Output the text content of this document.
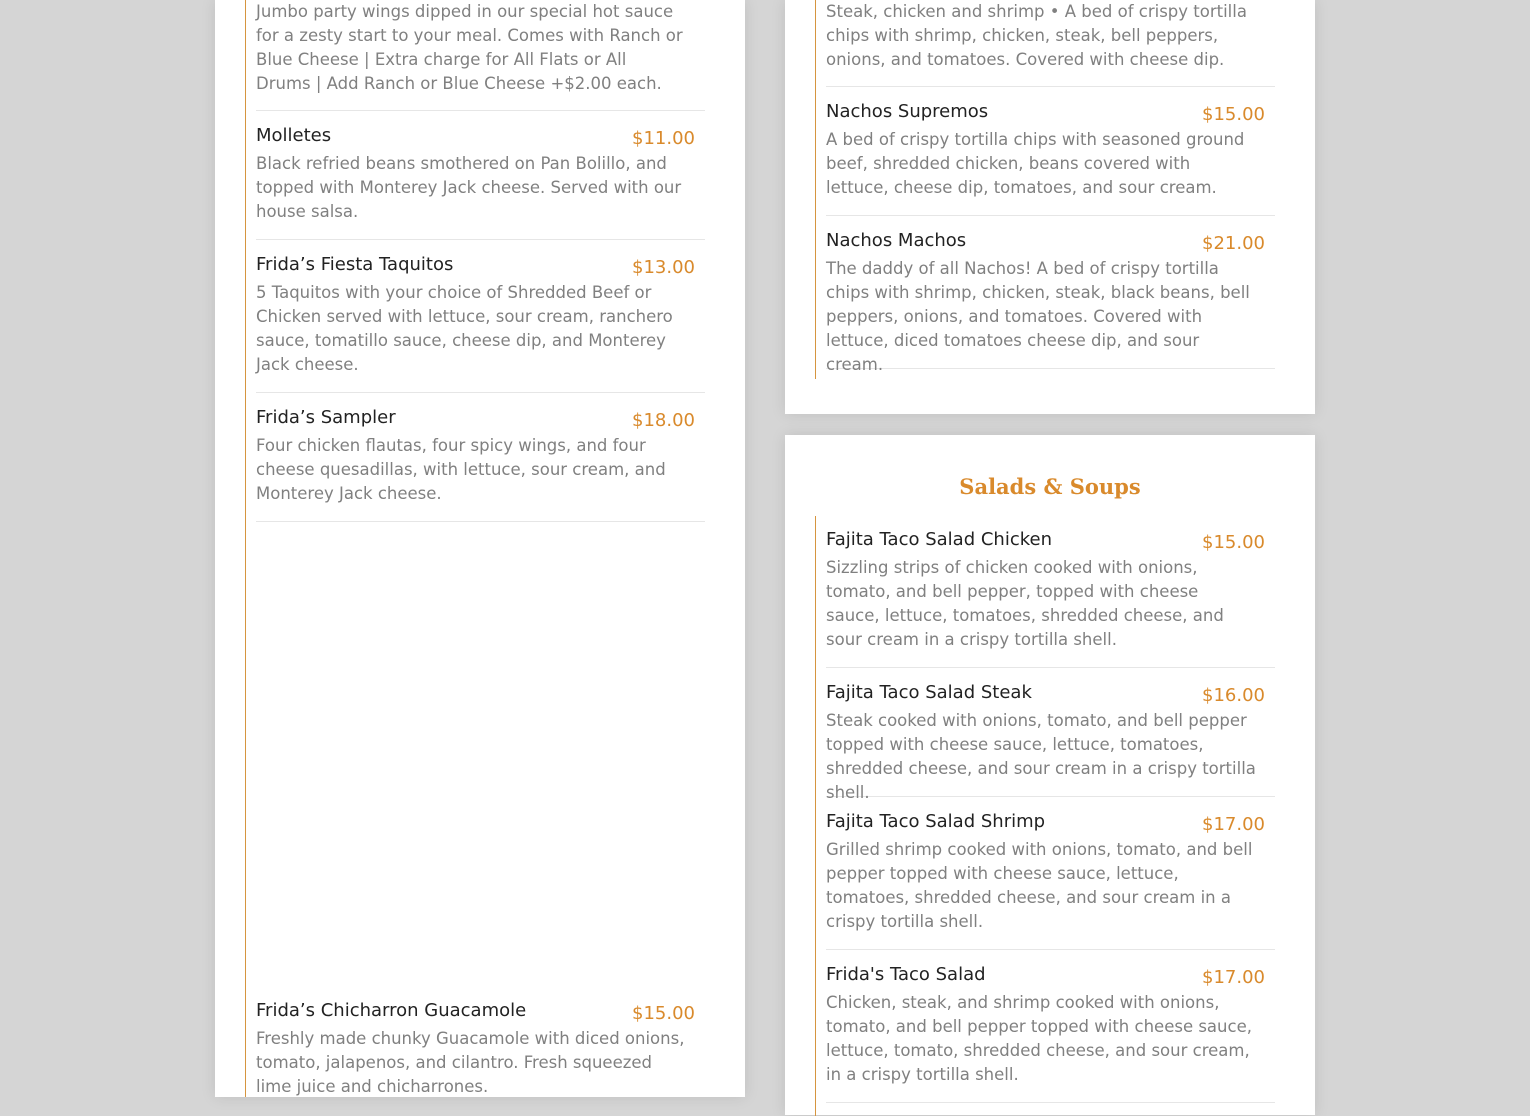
Jumbo party wings dipped in our special hot sauce for a zesty start to your meal. Comes with Ranch or Blue Cheese | Extra charge for All Flats or All Drums | Add Ranch or Blue Cheese +$2.00 each.
Molletes	$11.00
Black refried beans smothered on Pan Bolillo, and topped with Monterey Jack cheese. Served with our house salsa.
Frida’s Fiesta Taquitos	$13.00
5 Taquitos with your choice of Shredded Beef or Chicken served with lettuce, sour cream, ranchero sauce, tomatillo sauce, cheese dip, and Monterey Jack cheese.
Frida’s Sampler	$18.00
Four chicken flautas, four spicy wings, and four cheese quesadillas, with lettuce, sour cream, and Monterey Jack cheese.
Frida’s Chicharron Guacamole	$15.00
Freshly made chunky Guacamole with diced onions, tomato, jalapenos, and cilantro. Fresh squeezed lime juice and chicharrones.
Steak, chicken and shrimp • A bed of crispy tortilla chips with shrimp, chicken, steak, bell peppers, onions, and tomatoes. Covered with cheese dip.
Nachos Supremos	$15.00
A bed of crispy tortilla chips with seasoned ground beef, shredded chicken, beans covered with lettuce, cheese dip, tomatoes, and sour cream.
Nachos Machos	$21.00
The daddy of all Nachos! A bed of crispy tortilla chips with shrimp, chicken, steak, black beans, bell peppers, onions, and tomatoes. Covered with lettuce, diced tomatoes cheese dip, and sour cream.
Salads & Soups
Fajita Taco Salad Chicken	$15.00
Sizzling strips of chicken cooked with onions, tomato, and bell pepper, topped with cheese sauce, lettuce, tomatoes, shredded cheese, and sour cream in a crispy tortilla shell.
Fajita Taco Salad Steak	$16.00
Steak cooked with onions, tomato, and bell pepper topped with cheese sauce, lettuce, tomatoes, shredded cheese, and sour cream in a crispy tortilla shell.
Fajita Taco Salad Shrimp	$17.00
Grilled shrimp cooked with onions, tomato, and bell pepper topped with cheese sauce, lettuce, tomatoes, shredded cheese, and sour cream in a crispy tortilla shell.
Frida's Taco Salad	$17.00
Chicken, steak, and shrimp cooked with onions, tomato, and bell pepper topped with cheese sauce, lettuce, tomato, shredded cheese, and sour cream, in a crispy tortilla shell.
